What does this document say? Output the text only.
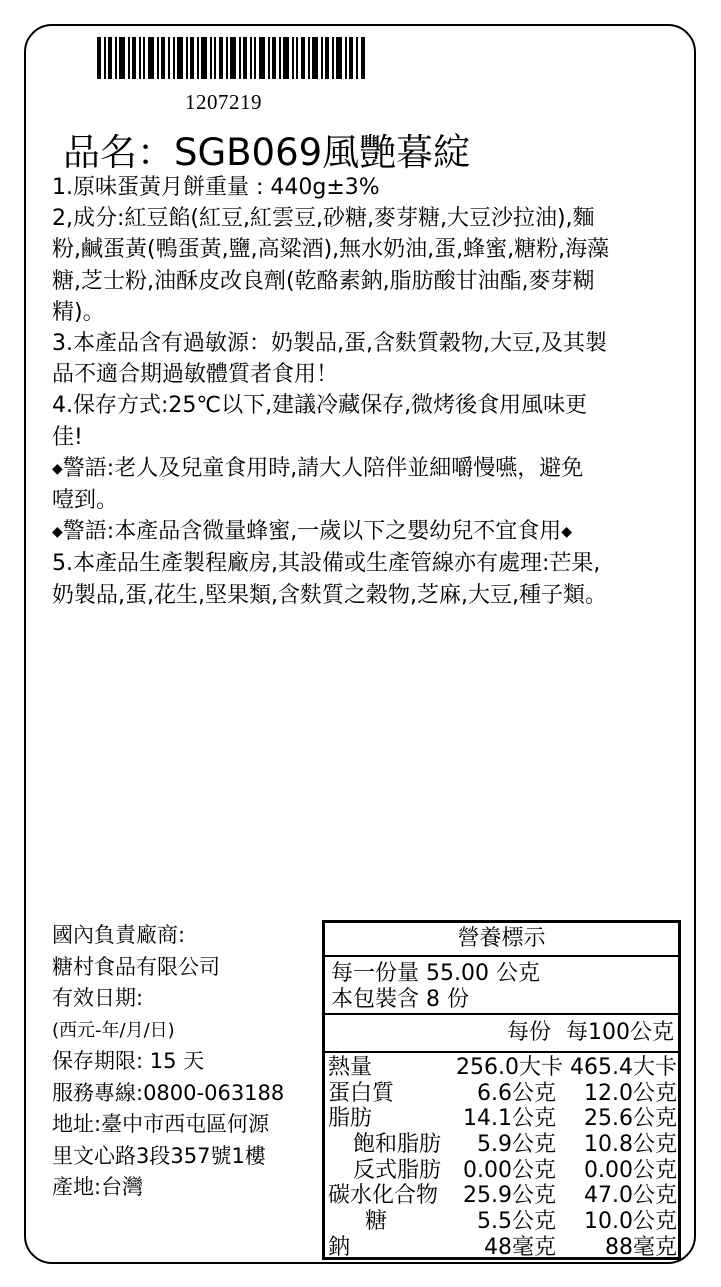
1207219
品名：SGB069風艷暮綻

1.原味蛋黃月餅重量 : 440g±3%

2,成分:紅豆餡(紅豆,紅雲豆,砂糖,麥芽糖,大豆沙拉油),麵

粉,鹹蛋黃(鴨蛋黃,鹽,高粱酒),無水奶油,蛋,蜂蜜,糖粉,海藻

糖,芝士粉,油酥皮改良劑(乾酪素鈉,脂肪酸甘油酯,麥芽糊

精)。

3.本產品含有過敏源：奶製品,蛋,含麩質穀物,大豆,及其製

品不適合期過敏體質者食用！

4.保存方式:25℃以下,建議冷藏保存,微烤後食用風味更

佳!

◆警語:老人及兒童食用時,請大人陪伴並細嚼慢嚥，避免

噎到。

◆警語:本產品含微量蜂蜜,一歲以下之嬰幼兒不宜食用◆

5.本產品生產製程廠房,其設備或生產管線亦有處理:芒果,

奶製品,蛋,花生,堅果類,含麩質之穀物,芝麻,大豆,種子類。

國內負責廠商:
糖村食品有限公司
有效日期:
(西元-年/月/日)
保存期限: 15 天
服務專線:0800-063188
地址:臺中市西屯區何源
里文心路3段357號1樓
產地:台灣
營養標示
每一份量 55.00 公克
本包裝含 8 份
每份 每100公克
熱量	256.0大卡 465.4大卡
蛋白質	6.6公克	12.0公克
脂肪	14.1公克	25.6公克
飽和脂肪	5.9公克	10.8公克
反式脂肪 0.00公克	0.00公克
碳水化合物	25.9公克	47.0公克
糖	5.5公克	10.0公克
鈉	48毫克	88毫克
